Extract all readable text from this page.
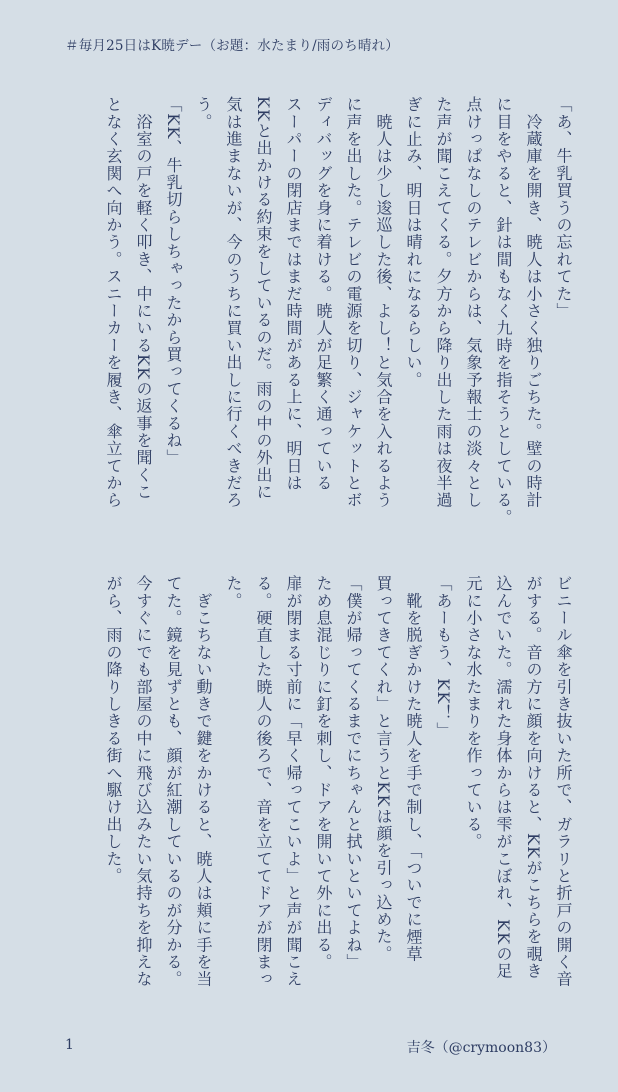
＃毎月25日はK暁デー（お題：水たまり/雨のち晴れ）
「あ、牛乳買うの忘れてた」
　冷蔵庫を開き、暁人は小さく独りごちた。壁の時計
に目をやると、針は間もなく九時を指そうとしている。
点けっぱなしのテレビからは、気象予報士の淡々とし
た声が聞こえてくる。夕方から降り出した雨は夜半過
ぎに止み、明日は晴れになるらしい。
　暁人は少し逡巡した後、よし！と気合を入れるよう
に声を出した。テレビの電源を切り、ジャケットとボ
ディバッグを身に着ける。暁人が足繁く通っている
スーパーの閉店まではまだ時間がある上に、明日は
KKと出かける約束をしているのだ。雨の中の外出に
気は進まないが、今のうちに買い出しに行くべきだろ
う。
「KK、牛乳切らしちゃったから買ってくるね」
　浴室の戸を軽く叩き、中にいるKKの返事を聞くこ
となく玄関へ向かう。スニーカーを履き、傘立てから
ビニール傘を引き抜いた所で、ガラリと折戸の開く音
がする。音の方に顔を向けると、KKがこちらを覗き
込んでいた。濡れた身体からは雫がこぼれ、KKの足
元に小さな水たまりを作っている。
「あーもう、KK！」
　靴を脱ぎかけた暁人を手で制し、「ついでに煙草
買ってきてくれ」と言うとKKは顔を引っ込めた。
「僕が帰ってくるまでにちゃんと拭いといてよね」
ため息混じりに釘を刺し、ドアを開いて外に出る。
扉が閉まる寸前に「早く帰ってこいよ」と声が聞こえ
る。硬直した暁人の後ろで、音を立ててドアが閉まっ
た。
　ぎこちない動きで鍵をかけると、暁人は頬に手を当
てた。鏡を見ずとも、顔が紅潮しているのが分かる。
今すぐにでも部屋の中に飛び込みたい気持ちを抑えな
がら、雨の降りしきる街へ駆け出した。
1	吉冬（@crymoon83）
